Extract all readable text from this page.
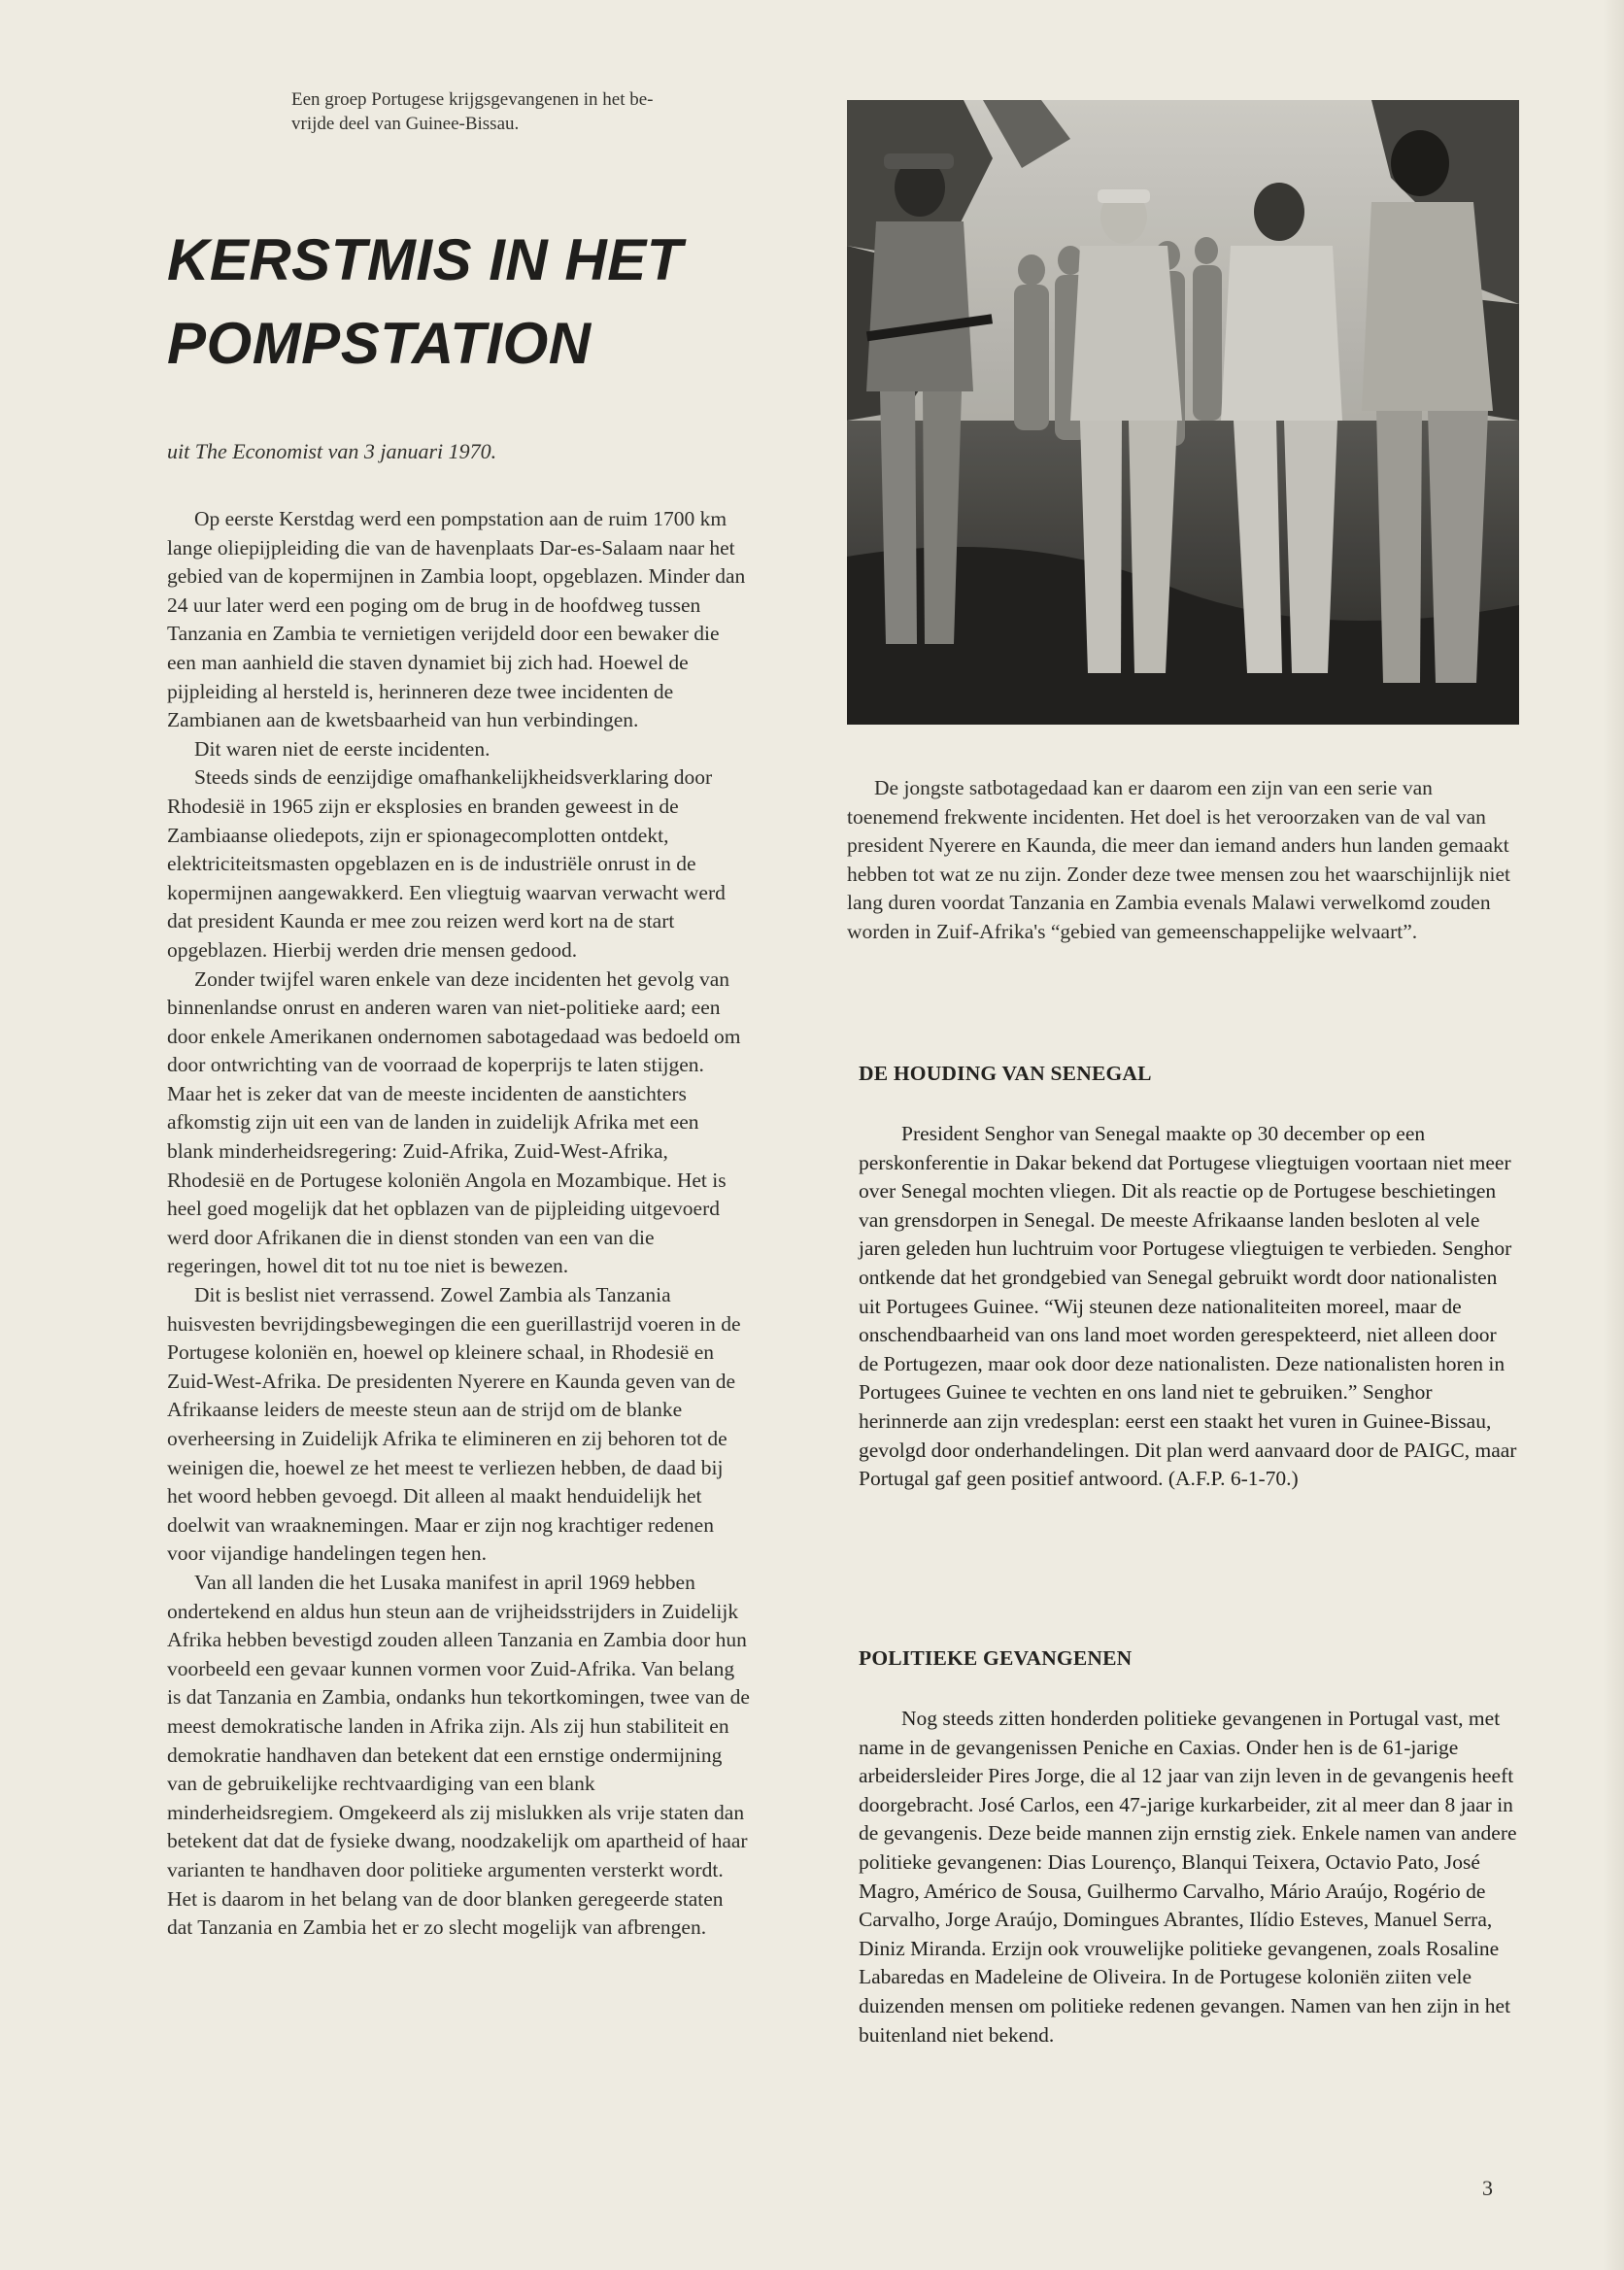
Een groep Portugese krijgsgevangenen in het be-
vrijde deel van Guinee-Bissau.
KERSTMIS IN HET
POMPSTATION
uit The Economist van 3 januari 1970.

Op eerste Kerstdag werd een pompstation aan de ruim 1700 km lange oliepijpleiding die van de havenplaats Dar-es-Salaam naar het gebied van de kopermijnen in Zambia loopt, opgeblazen. Minder dan 24 uur later werd een poging om de brug in de hoofdweg tussen Tanzania en Zambia te vernietigen verijdeld door een bewaker die een man aanhield die staven dynamiet bij zich had. Hoewel de pijpleiding al hersteld is, herinneren deze twee incidenten de Zambianen aan de kwetsbaarheid van hun verbindingen.

Dit waren niet de eerste incidenten.

Steeds sinds de eenzijdige omafhankelijkheidsverklaring door Rhodesië in 1965 zijn er eksplosies en branden geweest in de Zambiaanse oliedepots, zijn er spionagecomplotten ontdekt, elektriciteitsmasten opgeblazen en is de industriële onrust in de kopermijnen aangewakkerd. Een vliegtuig waarvan verwacht werd dat president Kaunda er mee zou reizen werd kort na de start opgeblazen. Hierbij werden drie mensen gedood.

Zonder twijfel waren enkele van deze incidenten het gevolg van binnenlandse onrust en anderen waren van niet-politieke aard; een door enkele Amerikanen ondernomen sabotagedaad was bedoeld om door ontwrichting van de voorraad de koperprijs te laten stijgen. Maar het is zeker dat van de meeste incidenten de aanstichters afkomstig zijn uit een van de landen in zuidelijk Afrika met een blank minderheidsregering: Zuid-Afrika, Zuid-West-Afrika, Rhodesië en de Portugese koloniën Angola en Mozambique. Het is heel goed mogelijk dat het opblazen van de pijpleiding uitgevoerd werd door Afrikanen die in dienst stonden van een van die regeringen, howel dit tot nu toe niet is bewezen.

Dit is beslist niet verrassend. Zowel Zambia als Tanzania huisvesten bevrijdingsbewegingen die een guerillastrijd voeren in de Portugese koloniën en, hoewel op kleinere schaal, in Rhodesië en Zuid-West-Afrika. De presidenten Nyerere en Kaunda geven van de Afrikaanse leiders de meeste steun aan de strijd om de blanke overheersing in Zuidelijk Afrika te elimineren en zij behoren tot de weinigen die, hoewel ze het meest te verliezen hebben, de daad bij het woord hebben gevoegd. Dit alleen al maakt henduidelijk het doelwit van wraaknemingen. Maar er zijn nog krachtiger redenen voor vijandige handelingen tegen hen.

Van all landen die het Lusaka manifest in april 1969 hebben ondertekend en aldus hun steun aan de vrijheidsstrijders in Zuidelijk Afrika hebben bevestigd zouden alleen Tanzania en Zambia door hun voorbeeld een gevaar kunnen vormen voor Zuid-Afrika. Van belang is dat Tanzania en Zambia, ondanks hun tekortkomingen, twee van de meest demokratische landen in Afrika zijn. Als zij hun stabiliteit en demokratie handhaven dan betekent dat een ernstige ondermijning van de gebruikelijke rechtvaardiging van een blank minderheidsregiem. Omgekeerd als zij mislukken als vrije staten dan betekent dat dat de fysieke dwang, noodzakelijk om apartheid of haar varianten te handhaven door politieke argumenten versterkt wordt. Het is daarom in het belang van de door blanken geregeerde staten dat Tanzania en Zambia het er zo slecht mogelijk van afbrengen.

De jongste satbotagedaad kan er daarom een zijn van een serie van toenemend frekwente incidenten. Het doel is het veroorzaken van de val van president Nyerere en Kaunda, die meer dan iemand anders hun landen gemaakt hebben tot wat ze nu zijn. Zonder deze twee mensen zou het waarschijnlijk niet lang duren voordat Tanzania en Zambia evenals Malawi verwelkomd zouden worden in Zuif-Afrika's “gebied van gemeenschappelijke welvaart”.

DE HOUDING VAN SENEGAL

President Senghor van Senegal maakte op 30 december op een perskonferentie in Dakar bekend dat Portugese vliegtuigen voortaan niet meer over Senegal mochten vliegen. Dit als reactie op de Portugese beschietingen van grensdorpen in Senegal. De meeste Afrikaanse landen besloten al vele jaren geleden hun luchtruim voor Portugese vliegtuigen te verbieden. Senghor ontkende dat het grondgebied van Senegal gebruikt wordt door nationalisten uit Portugees Guinee. “Wij steunen deze nationaliteiten moreel, maar de onschendbaarheid van ons land moet worden gerespekteerd, niet alleen door de Portugezen, maar ook door deze nationalisten. Deze nationalisten horen in Portugees Guinee te vechten en ons land niet te gebruiken.” Senghor herinnerde aan zijn vredesplan: eerst een staakt het vuren in Guinee-Bissau, gevolgd door onderhandelingen. Dit plan werd aanvaard door de PAIGC, maar Portugal gaf geen positief antwoord. (A.F.P. 6-1-70.)

POLITIEKE GEVANGENEN

Nog steeds zitten honderden politieke gevangenen in Portugal vast, met name in de gevangenissen Peniche en Caxias. Onder hen is de 61-jarige arbeidersleider Pires Jorge, die al 12 jaar van zijn leven in de gevangenis heeft doorgebracht. José Carlos, een 47-jarige kurkarbeider, zit al meer dan 8 jaar in de gevangenis. Deze beide mannen zijn ernstig ziek. Enkele namen van andere politieke gevangenen: Dias Lourenço, Blanqui Teixera, Octavio Pato, José Magro, Américo de Sousa, Guilhermo Carvalho, Mário Araújo, Rogério de Carvalho, Jorge Araújo, Domingues Abrantes, Ilídio Esteves, Manuel Serra, Diniz Miranda. Erzijn ook vrouwelijke politieke gevangenen, zoals Rosaline Labaredas en Madeleine de Oliveira. In de Portugese koloniën ziiten vele duizenden mensen om politieke redenen gevangen. Namen van hen zijn in het buitenland niet bekend.

3
